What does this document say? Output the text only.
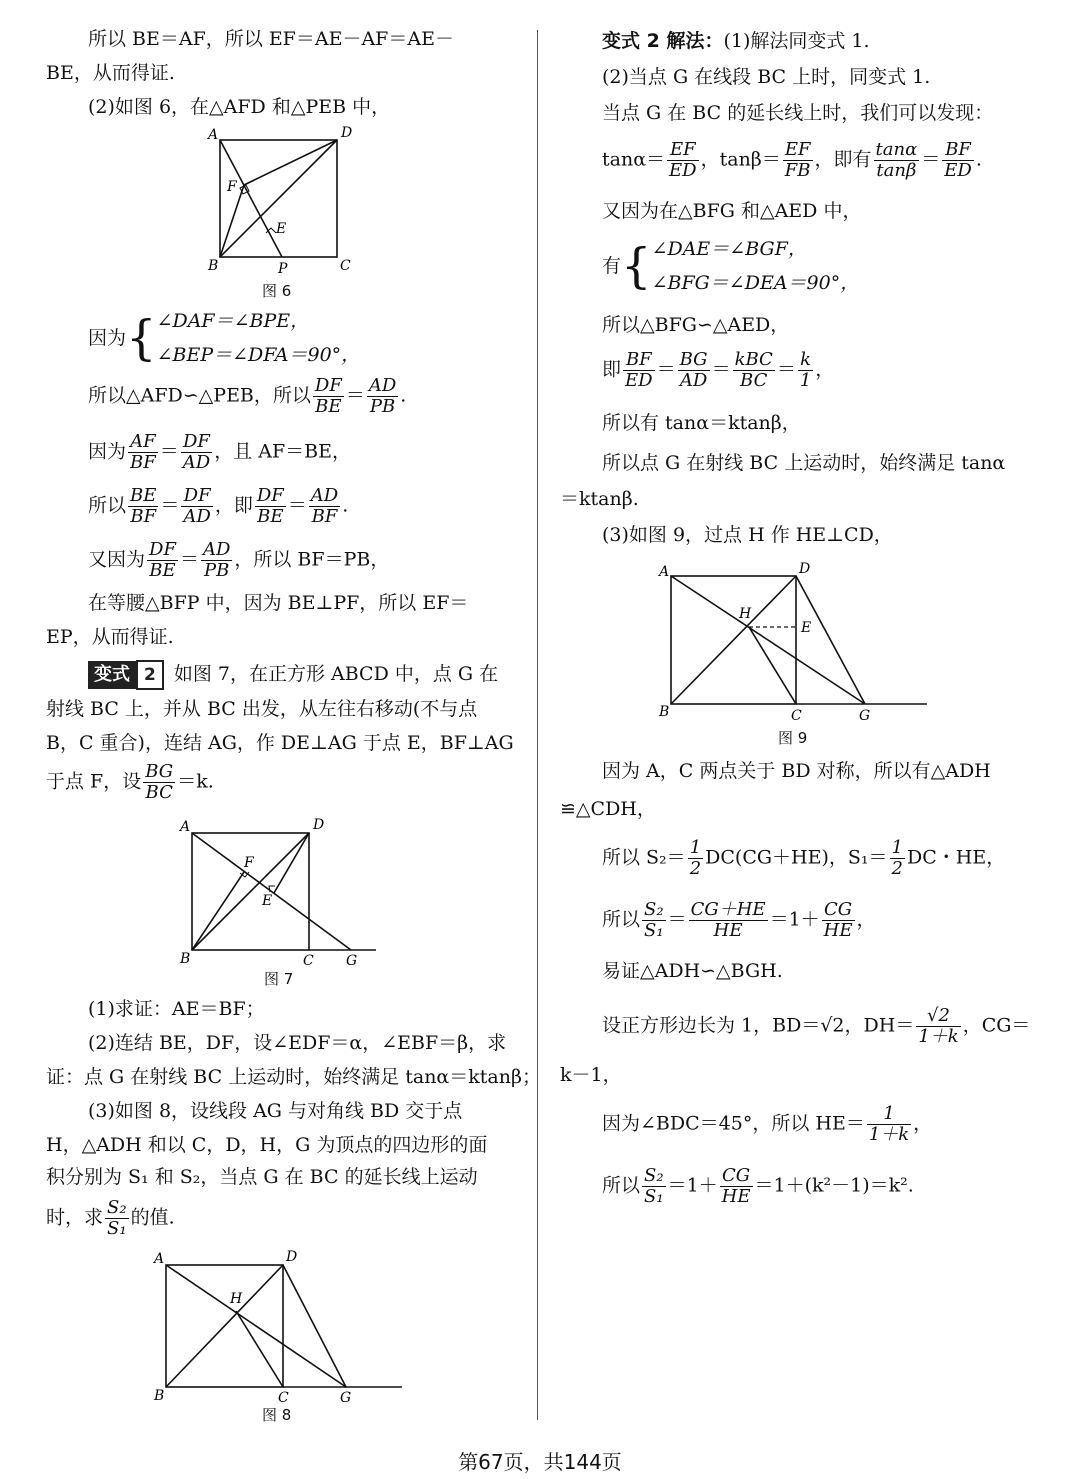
所以 BE＝AF，所以 EF＝AE－AF＝AE－
BE，从而得证.
(2)如图 6，在△AFD 和△PEB 中，
A	D
F
E
B	P	C
图 6
因为{ ∠DAF＝∠BPE，
∠BEP＝∠DFA＝90°，
所以△AFD∽△PEB，所以 $\frac{DF}{BE} = \frac{AD}{PB}$ .
因为 $\frac{AF}{BF} = \frac{DF}{AD}$ ，且 AF＝BE，
所以 $\frac{BE}{BF} = \frac{DF}{AD}$ ，即 $\frac{DF}{BE} = \frac{AD}{BF}$ .
又因为 $\frac{DF}{BE} = \frac{AD}{PB}$ ，所以 BF＝PB，
在等腰△BFP 中，因为 BE⊥PF，所以 EF＝
EP，从而得证.
变式 2 如图 7，在正方形 ABCD 中，点 G 在
射线 BC 上，并从 BC 出发，从左往右移动(不与点
B，C 重合)，连结 AG，作 DE⊥AG 于点 E，BF⊥AG
于点 F，设 $\frac{BG}{BC} =k$.
A	D
F
E
B	C G
图 7
(1)求证：AE＝BF；
(2)连结 BE，DF，设∠EDF＝α，∠EBF＝β，求
证：点 G 在射线 BC 上运动时，始终满足 tanα＝ktanβ；
(3)如图 8，设线段 AG 与对角线 BD 交于点
H，△ADH 和以 C，D，H，G 为顶点的四边形的面
积分别为 S₁ 和 S₂，当点 G 在 BC 的延长线上运动
时，求 $\frac{\text{S₂}}{\text{S₁}}$ 的值.
A	D
H
B	C	G
图 8
变式 2 解法：(1)解法同变式 1.
(2)当点 G 在线段 BC 上时，同变式 1.
当点 G 在 BC 的延长线上时，我们可以发现：
$\tan\alpha= \frac{EF}{ED}$ ，$\tan\beta= \frac{EF}{FB}$ ，即有 $\frac{\tan\alpha}{\tan\beta} = \frac{BF}{ED}$ .
又因为在△BFG 和△AED 中，
有{ ∠DAE＝∠BGF，
∠BFG＝∠DEA＝90°，
所以△BFG∽△AED，
即 $\frac{BF}{ED} = \frac{BG}{AD} = \frac{\text{kBC}}{BC} = \frac{k}{1}$ ，
所以有 tanα＝ktanβ，
所以点 G 在射线 BC 上运动时，始终满足 tanα
＝ktanβ.
(3)如图 9，过点 H 作 HE⊥CD，
A	D
H
E
B	C	G
图 9
因为 A，C 两点关于 BD 对称，所以有△ADH
≌△CDH，
所以 $S_2= \frac{1}{2} DC(CG+HE)$，$S_1= \frac{1}{2}$ DC・HE，
所以 $\frac{\text{S₂}}{\text{S₁}} = \frac{CG+HE}{HE} =1+ \frac{CG}{HE}$ ，
易证△ADH∽△BGH.
设正方形边长为 1，BD＝√2，$DH= \frac{√2}{1+k}$ ，CG＝
k－1，
因为∠BDC＝45°，所以 $HE= \frac{1}{1+k}$ ，
所以 $\frac{\text{S₂}}{\text{S₁}} =1+ \frac{CG}{HE} =1+(k^2-1)=k^2$.
第67页，共144页
